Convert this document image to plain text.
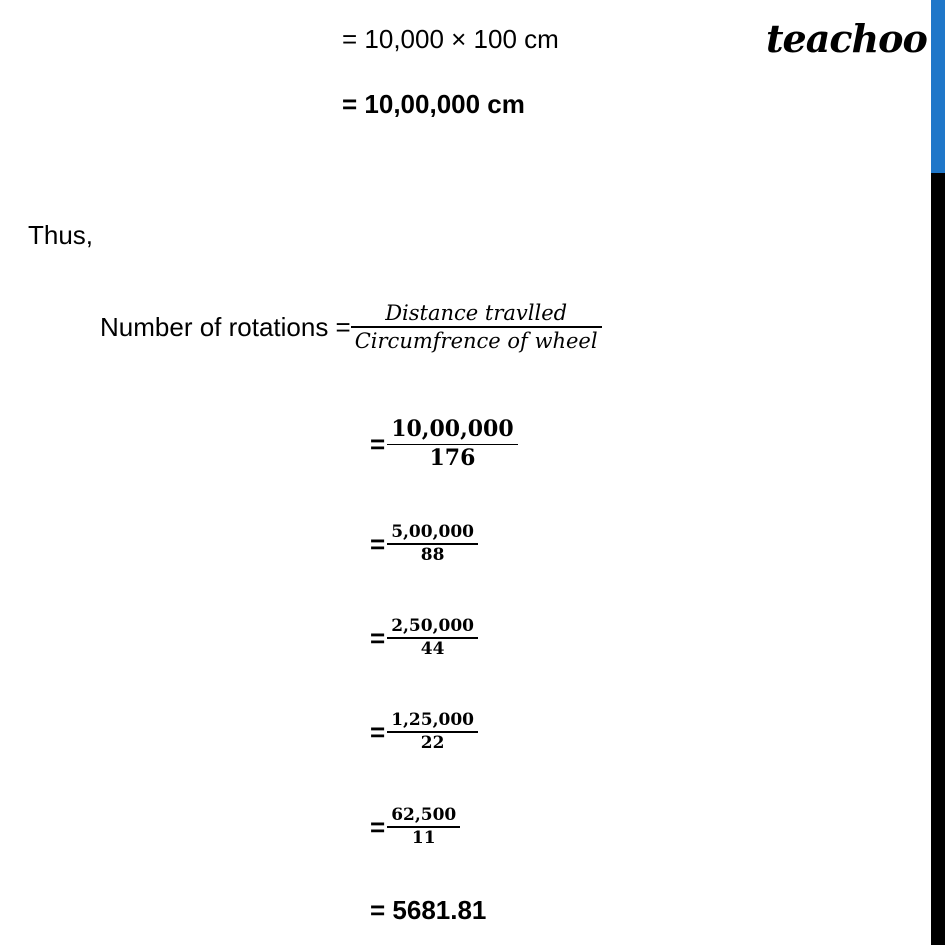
teachoo
= 10,000 × 100 cm
= 10,00,000 cm
Thus,
Number of rotations = $\frac{\text{Distance travlled}}{\text{Circumfrence of wheel}}$
= $\frac{10,00,000}{176}$
= $\frac{5,00,000}{88}$
= $\frac{2,50,000}{44}$
= $\frac{1,25,000}{22}$
= $\frac{62,500}{11}$
= 5681.81
